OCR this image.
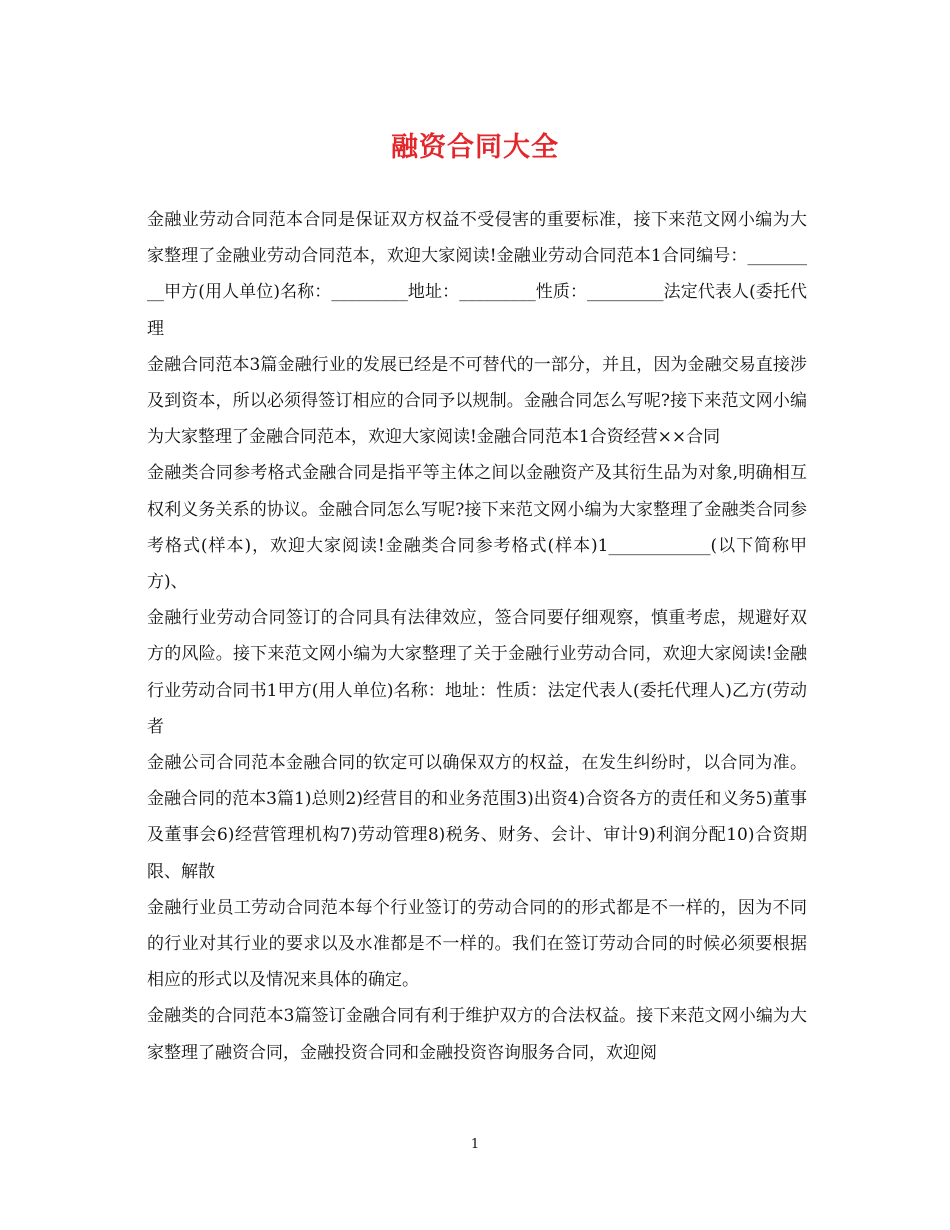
融资合同大全

金融业劳动合同范本合同是保证双方权益不受侵害的重要标准，接下来范文网小编为大家整理了金融业劳动合同范本，欢迎大家阅读!金融业劳动合同范本1合同编号：_________甲方(用人单位)名称：_________地址：_________性质：_________法定代表人(委托代理

金融合同范本3篇金融行业的发展已经是不可替代的一部分，并且，因为金融交易直接涉及到资本，所以必须得签订相应的合同予以规制。金融合同怎么写呢?接下来范文网小编为大家整理了金融合同范本，欢迎大家阅读!金融合同范本1合资经营××合同

金融类合同参考格式金融合同是指平等主体之间以金融资产及其衍生品为对象,明确相互权利义务关系的协议。金融合同怎么写呢?接下来范文网小编为大家整理了金融类合同参考格式(样本)，欢迎大家阅读!金融类合同参考格式(样本)1____________(以下简称甲方)、

金融行业劳动合同签订的合同具有法律效应，签合同要仔细观察，慎重考虑，规避好双方的风险。接下来范文网小编为大家整理了关于金融行业劳动合同，欢迎大家阅读!金融行业劳动合同书1甲方(用人单位)名称：地址：性质：法定代表人(委托代理人)乙方(劳动者

金融公司合同范本金融合同的钦定可以确保双方的权益，在发生纠纷时，以合同为准。金融合同的范本3篇1)总则2)经营目的和业务范围3)出资4)合资各方的责任和义务5)董事及董事会6)经营管理机构7)劳动管理8)税务、财务、会计、审计9)利润分配10)合资期限、解散

金融行业员工劳动合同范本每个行业签订的劳动合同的的形式都是不一样的，因为不同的行业对其行业的要求以及水准都是不一样的。我们在签订劳动合同的时候必须要根据相应的形式以及情况来具体的确定。

金融类的合同范本3篇签订金融合同有利于维护双方的合法权益。接下来范文网小编为大家整理了融资合同，金融投资合同和金融投资咨询服务合同，欢迎阅

1
